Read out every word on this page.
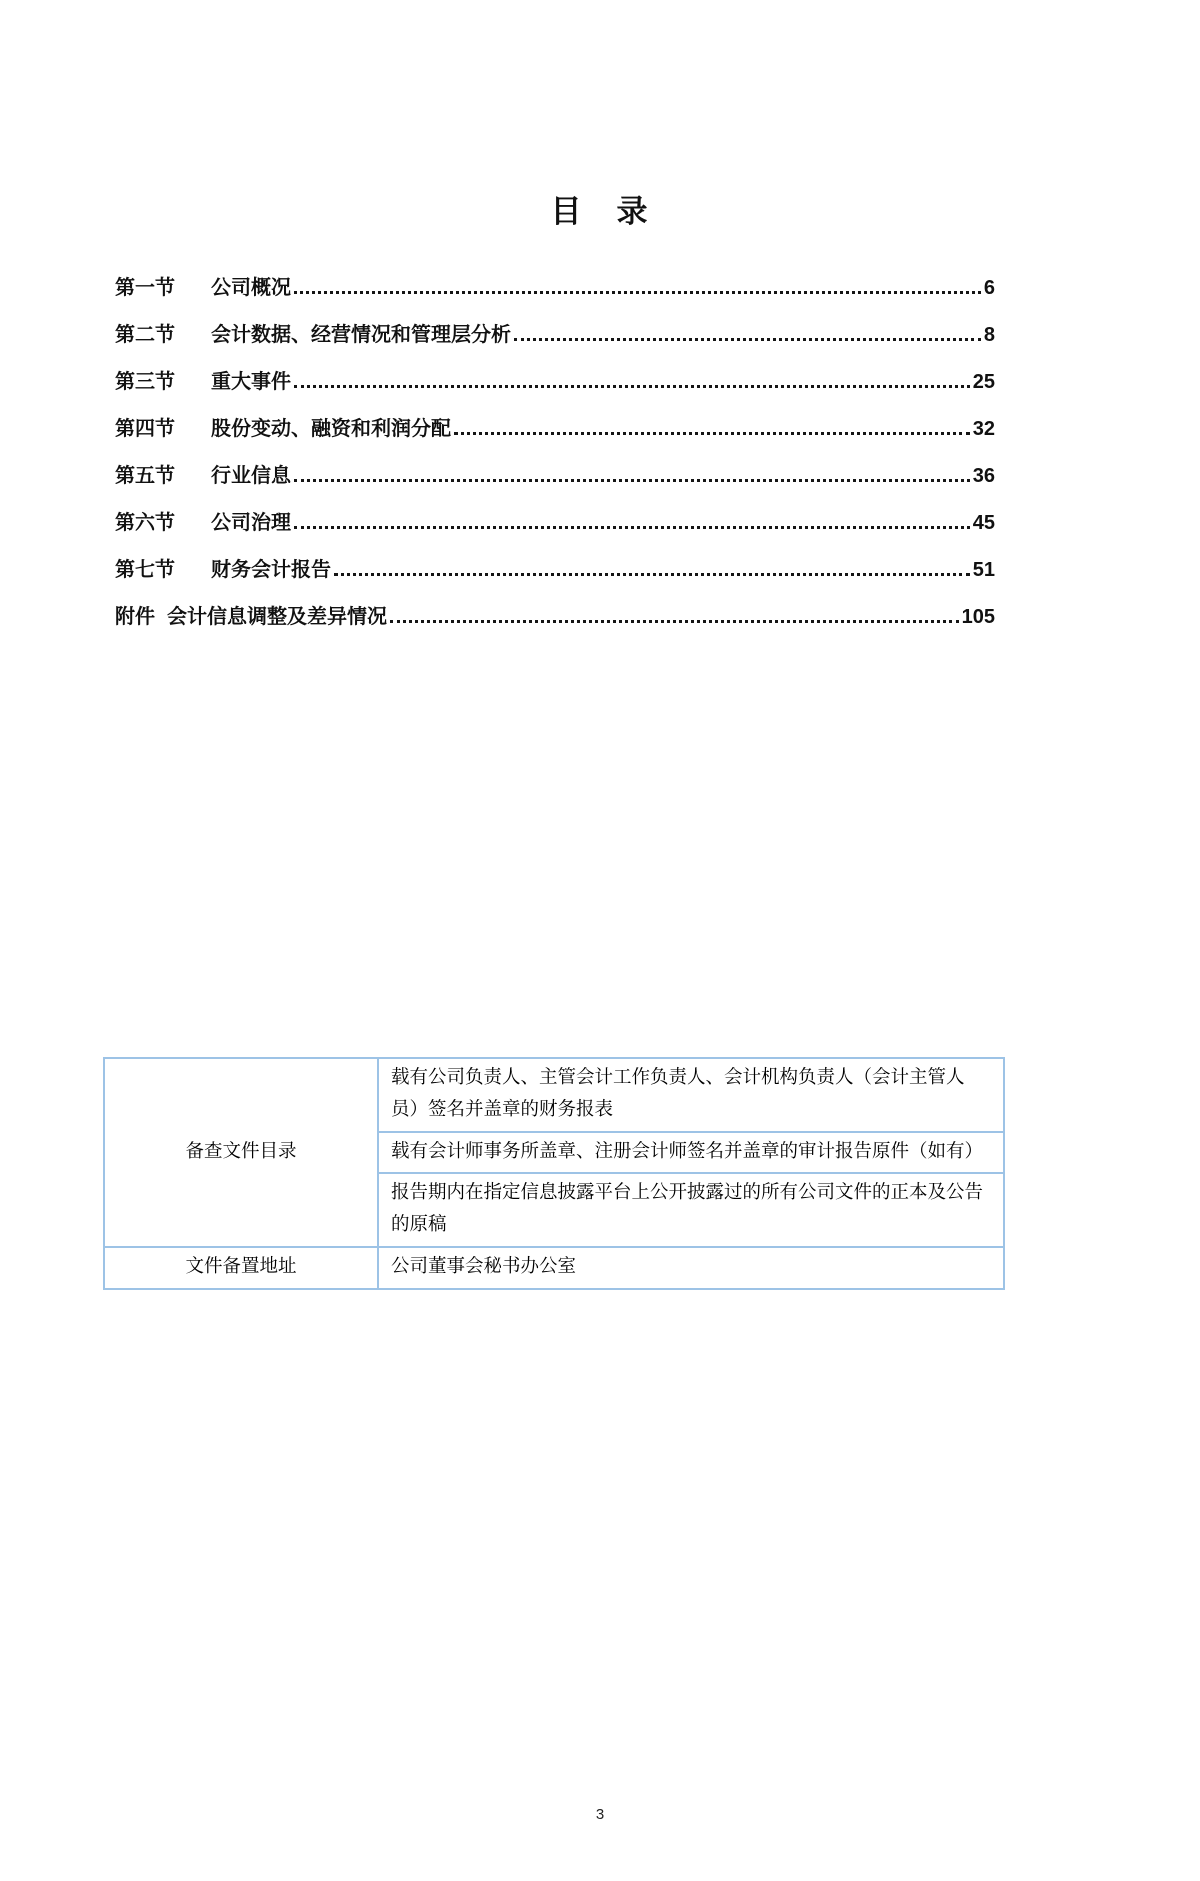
目　录
第一节	公司概况	6
第二节	会计数据、经营情况和管理层分析	8
第三节	重大事件	25
第四节	股份变动、融资和利润分配	32
第五节	行业信息	36
第六节	公司治理	45
第七节	财务会计报告	51
附件 会计信息调整及差异情况	105
备查文件目录	载有公司负责人、主管会计工作负责人、会计机构负责人（会计主管人员）签名并盖章的财务报表
	载有会计师事务所盖章、注册会计师签名并盖章的审计报告原件（如有）
	报告期内在指定信息披露平台上公开披露过的所有公司文件的正本及公告的原稿
文件备置地址	公司董事会秘书办公室
3
